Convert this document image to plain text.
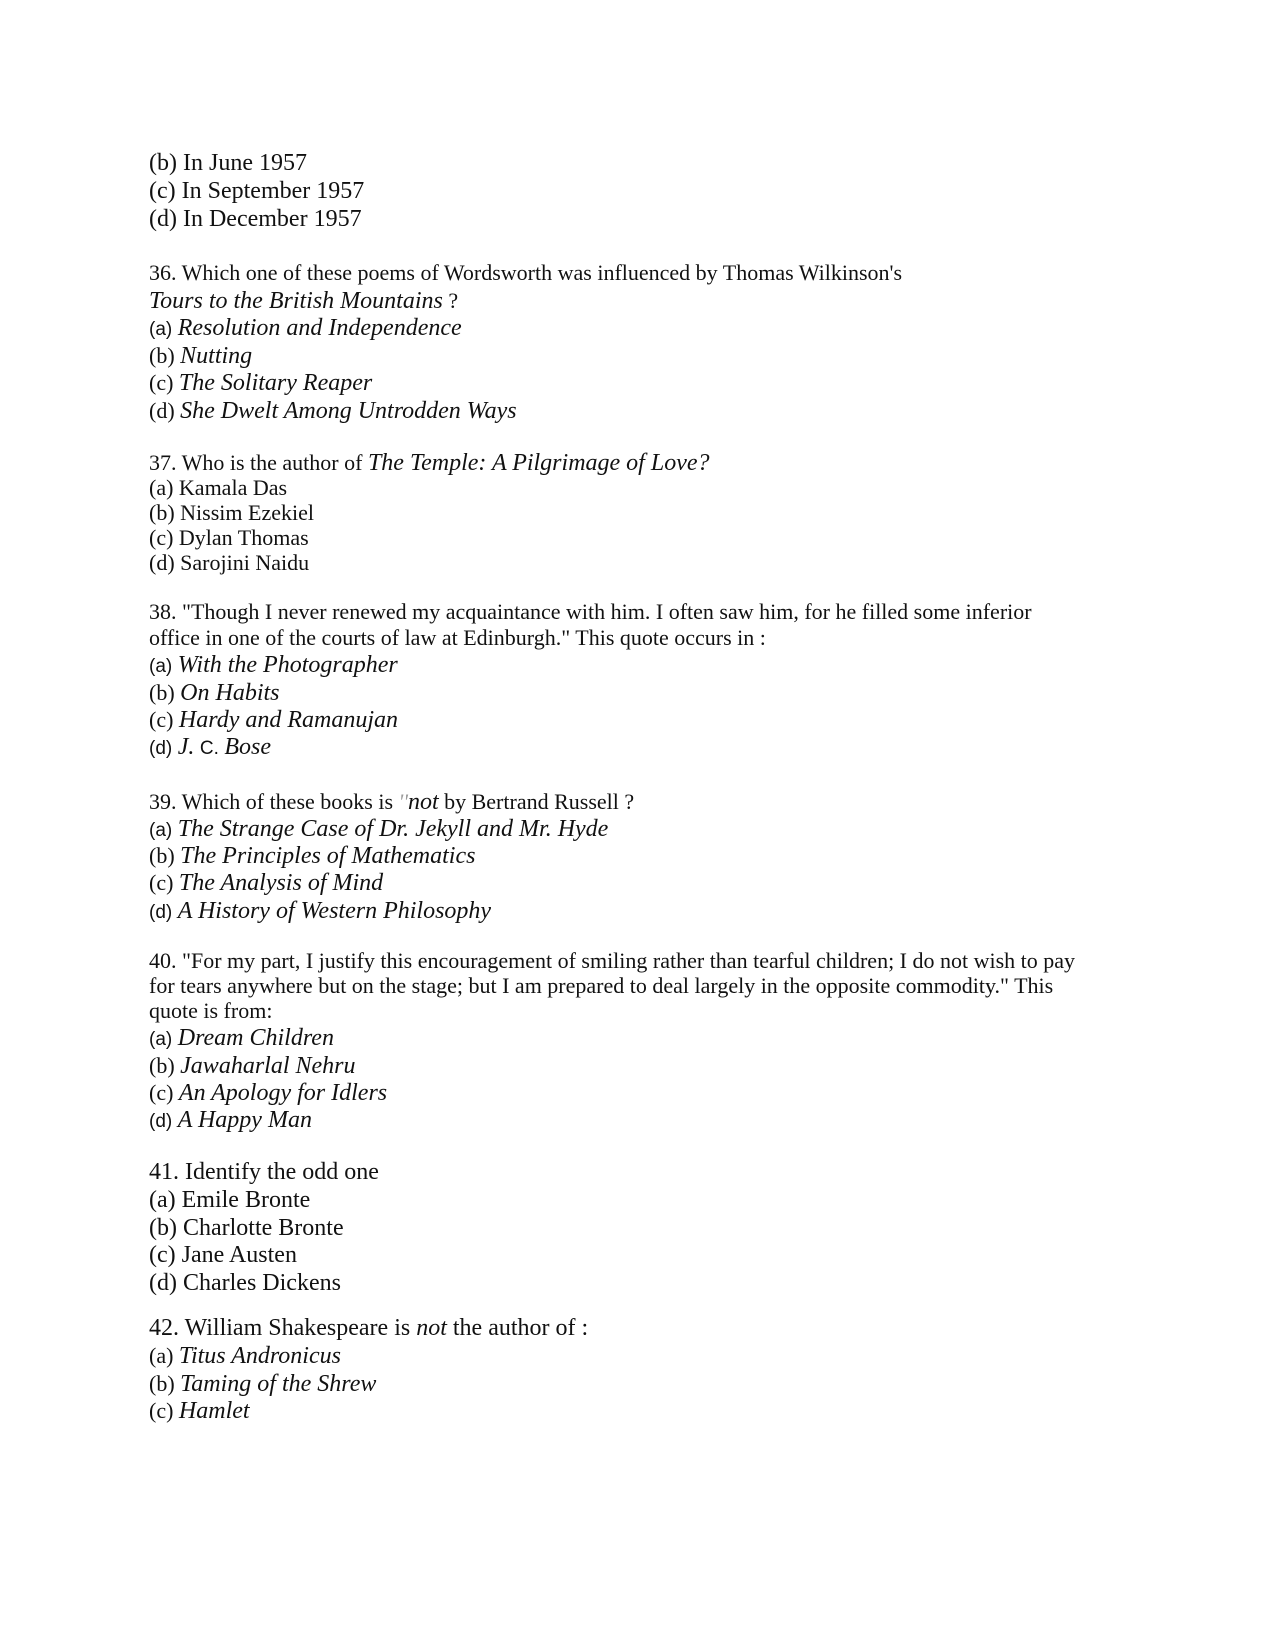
(b) In June 1957
(c) In September 1957
(d) In December 1957
36. Which one of these poems of Wordsworth was influenced by Thomas Wilkinson's
Tours to the British Mountains ?
(a) Resolution and Independence
(b) Nutting
(c) The Solitary Reaper
(d) She Dwelt Among Untrodden Ways
37. Who is the author of The Temple: A Pilgrimage of Love?
(a) Kamala Das
(b) Nissim Ezekiel
(c) Dylan Thomas
(d) Sarojini Naidu
38. "Though I never renewed my acquaintance with him. I often saw him, for he filled some inferior
office in one of the courts of law at Edinburgh." This quote occurs in :
(a) With the Photographer
(b) On Habits
(c) Hardy and Ramanujan
(d) J. C. Bose
39. Which of these books is ''not by Bertrand Russell ?
(a) The Strange Case of Dr. Jekyll and Mr. Hyde
(b) The Principles of Mathematics
(c) The Analysis of Mind
(d) A History of Western Philosophy
40. "For my part, I justify this encouragement of smiling rather than tearful children; I do not wish to pay
for tears anywhere but on the stage; but I am prepared to deal largely in the opposite commodity." This
quote is from:
(a) Dream Children
(b) Jawaharlal Nehru
(c) An Apology for Idlers
(d) A Happy Man
41. Identify the odd one
(a) Emile Bronte
(b) Charlotte Bronte
(c) Jane Austen
(d) Charles Dickens
42. William Shakespeare is not the author of :
(a) Titus Andronicus
(b) Taming of the Shrew
(c) Hamlet
